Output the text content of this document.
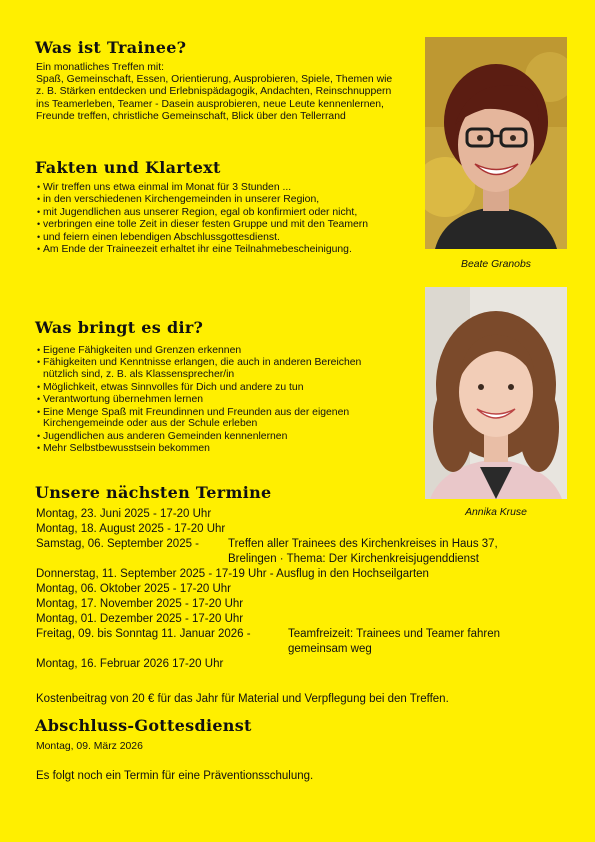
Was ist Trainee?

Ein monatliches Treffen mit:
Spaß, Gemeinschaft, Essen, Orientierung, Ausprobieren, Spiele, Themen wie z. B. Stärken entdecken und Erlebnispädagogik, Andachten, Reinschnuppern ins Teamerleben, Teamer - Dasein ausprobieren, neue Leute kennenlernen, Freunde treffen, christliche Gemeinschaft, Blick über den Tellerrand

Fakten und Klartext
• Wir treffen uns etwa einmal im Monat für 3 Stunden ...
• in den verschiedenen Kirchengemeinden in unserer Region,
• mit Jugendlichen aus unserer Region, egal ob konfirmiert oder nicht,
• verbringen eine tolle Zeit in dieser festen Gruppe und mit den Teamern
• und feiern einen lebendigen Abschlussgottesdienst.
• Am Ende der Traineezeit erhaltet ihr eine Teilnahmebescheinigung.
Was bringt es dir?
• Eigene Fähigkeiten und Grenzen erkennen
• Fähigkeiten und Kenntnisse erlangen, die auch in anderen Bereichen nützlich sind, z. B. als Klassensprecher/in
• Möglichkeit, etwas Sinnvolles für Dich und andere zu tun
• Verantwortung übernehmen lernen
• Eine Menge Spaß mit Freundinnen und Freunden aus der eigenen Kirchengemeinde oder aus der Schule erleben
• Jugendlichen aus anderen Gemeinden kennenlernen
• Mehr Selbstbewusstsein bekommen
Unsere nächsten Termine
Montag, 23. Juni 2025 - 17-20 Uhr
Montag, 18. August 2025 - 17-20 Uhr
Samstag, 06. September 2025 -	Treffen aller Trainees des Kirchenkreises in Haus 37, Brelingen · Thema: Der Kirchenkreisjugenddienst
Donnerstag, 11. September 2025 - 17-19 Uhr - Ausflug in den Hochseilgarten
Montag, 06. Oktober 2025 - 17-20 Uhr
Montag, 17. November 2025 - 17-20 Uhr
Montag, 01. Dezember 2025 - 17-20 Uhr
Freitag, 09. bis Sonntag 11. Januar 2026 -	Teamfreizeit: Trainees und Teamer fahren gemeinsam weg
Montag, 16. Februar 2026 17-20 Uhr

Kostenbeitrag von 20 € für das Jahr für Material und Verpflegung bei den Treffen.

Abschluss-Gottesdienst

Montag, 09. März 2026

Es folgt noch ein Termin für eine Präventionsschulung.

Beate Granobs
Annika Kruse
